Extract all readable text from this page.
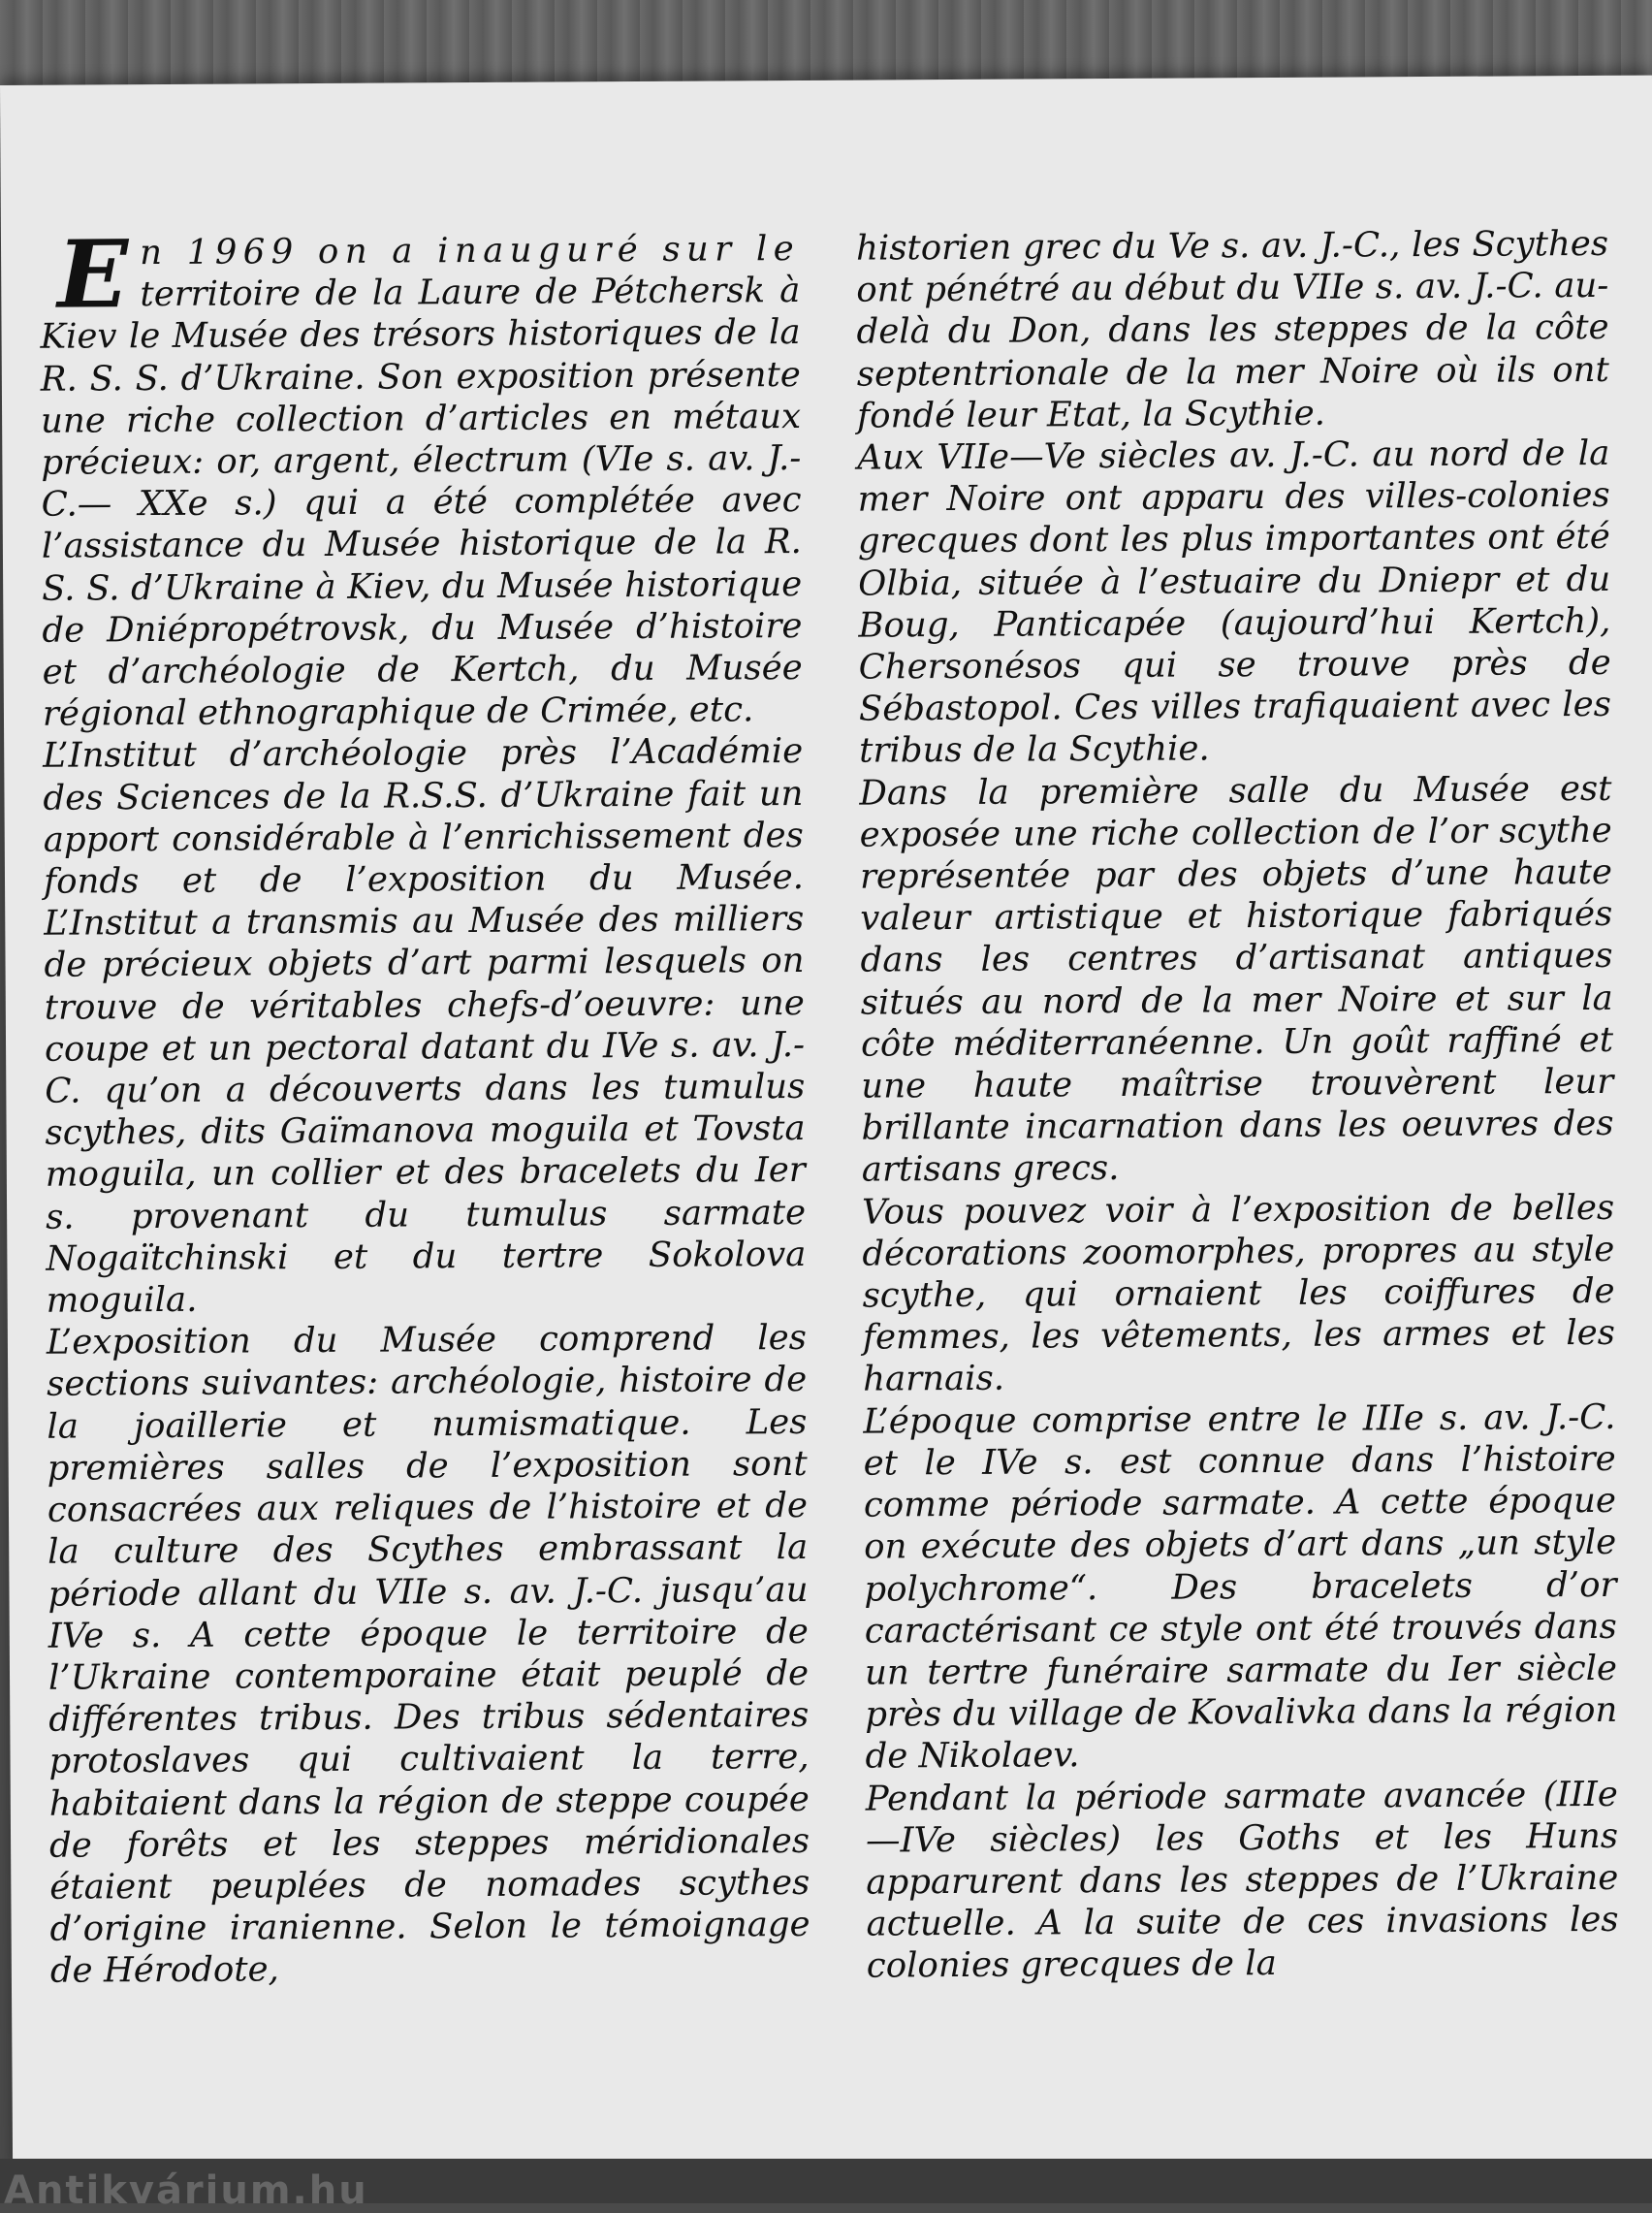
En 1969 on a inauguré sur le territoire de la Laure de Pétchersk à Kiev le Musée des trésors historiques de la R. S. S. d’Ukraine. Son exposition présente une riche collection d’articles en métaux précieux: or, argent, électrum (VIe s. av. J.-C.— XXe s.) qui a été complétée avec l’assistance du Musée historique de la R. S. S. d’Ukraine à Kiev, du Musée historique de Dniépropétrovsk, du Musée d’histoire et d’archéologie de Kertch, du Musée régional ethnographique de Crimée, etc.

L’Institut d’archéologie près l’Académie des Sciences de la R.S.S. d’Ukraine fait un apport considérable à l’enrichissement des fonds et de l’exposition du Musée. L’Institut a transmis au Musée des milliers de précieux objets d’art parmi lesquels on trouve de véritables chefs-d’oeuvre: une coupe et un pectoral datant du IVe s. av. J.-C. qu’on a découverts dans les tumulus scythes, dits Gaïmanova moguila et Tovsta moguila, un collier et des bracelets du Ier s. provenant du tumulus sarmate Nogaïtchinski et du tertre Sokolova moguila.

L’exposition du Musée comprend les sections suivantes: archéologie, histoire de la joaillerie et numismatique. Les premières salles de l’exposition sont consacrées aux reliques de l’histoire et de la culture des Scythes embrassant la période allant du VIIe s. av. J.-C. jusqu’au IVe s. A cette époque le territoire de l’Ukraine contemporaine était peuplé de différentes tribus. Des tribus sédentaires protoslaves qui cultivaient la terre, habitaient dans la région de steppe coupée de forêts et les steppes méridionales étaient peuplées de nomades scythes d’origine iranienne. Selon le témoignage de Hérodote,

historien grec du Ve s. av. J.-C., les Scythes ont pénétré au début du VIIe s. av. J.-C. au-delà du Don, dans les steppes de la côte septentrionale de la mer Noire où ils ont fondé leur Etat, la Scythie.

Aux VIIe—Ve siècles av. J.-C. au nord de la mer Noire ont apparu des villes-colonies grecques dont les plus importantes ont été Olbia, située à l’estuaire du Dniepr et du Boug, Panticapée (aujourd’hui Kertch), Chersonésos qui se trouve près de Sébastopol. Ces villes trafiquaient avec les tribus de la Scythie.

Dans la première salle du Musée est exposée une riche collection de l’or scythe représentée par des objets d’une haute valeur artistique et historique fabriqués dans les centres d’artisanat antiques situés au nord de la mer Noire et sur la côte méditerranéenne. Un goût raffiné et une haute maîtrise trouvèrent leur brillante incarnation dans les oeuvres des artisans grecs.

Vous pouvez voir à l’exposition de belles décorations zoomorphes, propres au style scythe, qui ornaient les coiffures de femmes, les vêtements, les armes et les harnais.

L’époque comprise entre le IIIe s. av. J.-C. et le IVe s. est connue dans l’histoire comme période sarmate. A cette époque on exécute des objets d’art dans „un style polychrome“. Des bracelets d’or caractérisant ce style ont été trouvés dans un tertre funéraire sarmate du Ier siècle près du village de Kovalivka dans la région de Nikolaev.

Pendant la période sarmate avancée (IIIe—IVe siècles) les Goths et les Huns apparurent dans les steppes de l’Ukraine actuelle. A la suite de ces invasions les colonies grecques de la

Antikvárium.hu
